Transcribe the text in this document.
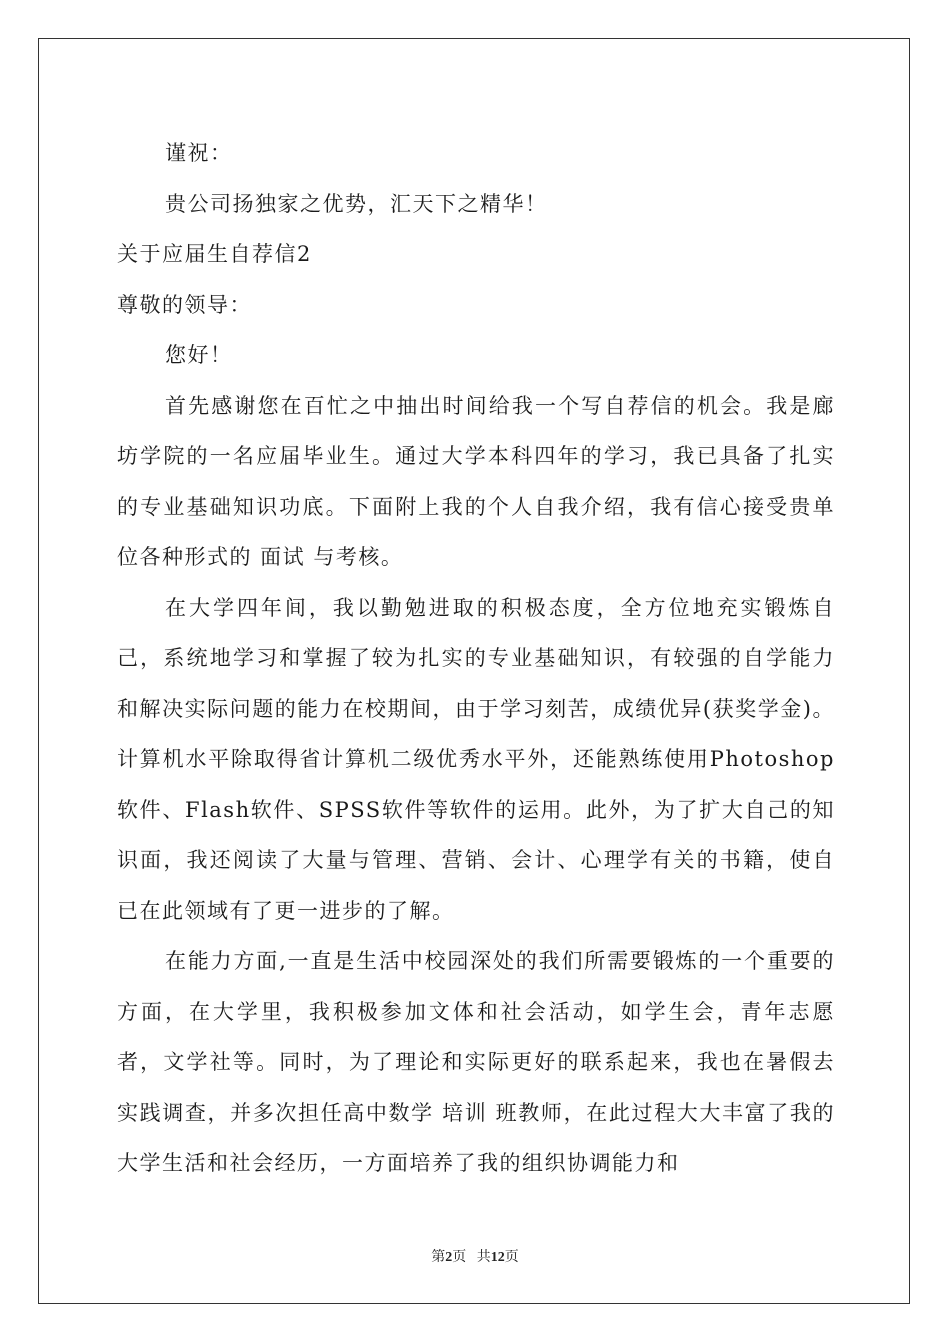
谨祝：

贵公司扬独家之优势，汇天下之精华！

关于应届生自荐信2

尊敬的领导：

您好！

首先感谢您在百忙之中抽出时间给我一个写自荐信的机会。我是廊坊学院的一名应届毕业生。通过大学本科四年的学习，我已具备了扎实的专业基础知识功底。下面附上我的个人自我介绍，我有信心接受贵单位各种形式的 面试 与考核。

在大学四年间，我以勤勉进取的积极态度，全方位地充实锻炼自己，系统地学习和掌握了较为扎实的专业基础知识，有较强的自学能力和解决实际问题的能力在校期间，由于学习刻苦，成绩优异(获奖学金)。计算机水平除取得省计算机二级优秀水平外，还能熟练使用Photoshop软件、Flash软件、SPSS软件等软件的运用。此外，为了扩大自己的知识面，我还阅读了大量与管理、营销、会计、心理学有关的书籍，使自已在此领域有了更一进步的了解。

在能力方面,一直是生活中校园深处的我们所需要锻炼的一个重要的方面，在大学里，我积极参加文体和社会活动，如学生会，青年志愿者，文学社等。同时，为了理论和实际更好的联系起来，我也在暑假去实践调查，并多次担任高中数学 培训 班教师，在此过程大大丰富了我的大学生活和社会经历，一方面培养了我的组织协调能力和

第2页 共12页
